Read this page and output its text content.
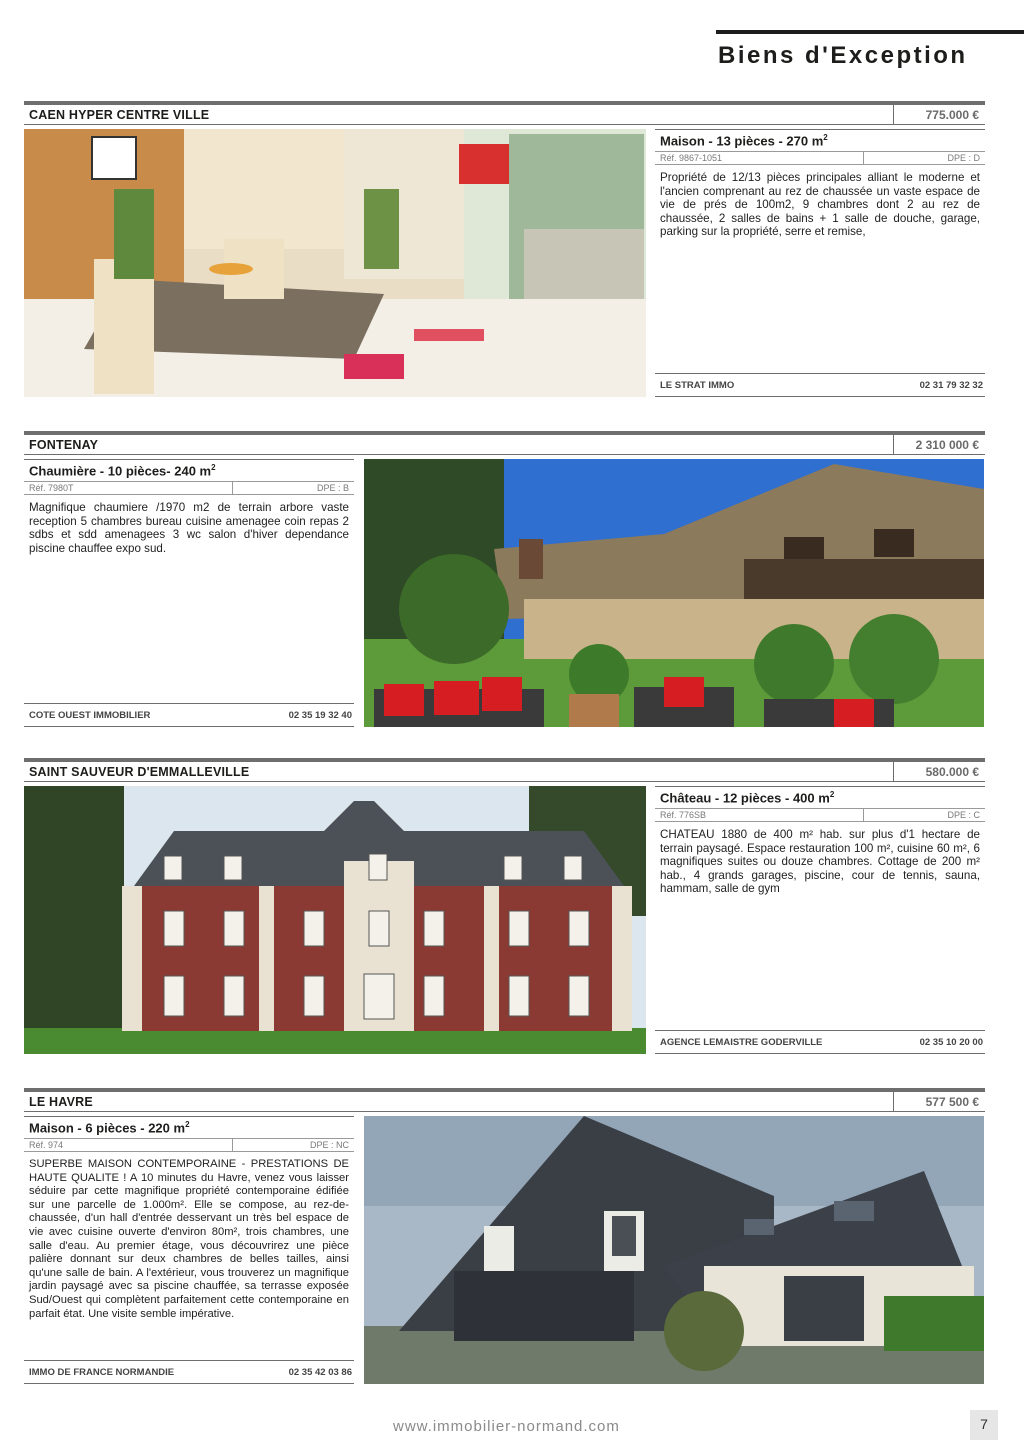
Biens d'Exception
CAEN HYPER CENTRE VILLE	775.000 €
Maison - 13 pièces - 270 $m^2$
Réf. 9867-1051	DPE : D
Propriété de 12/13 pièces principales alliant le moderne et l'ancien comprenant au rez de chaussée un vaste espace de vie de prés de 100m2, 9 chambres dont 2 au rez de chaussée, 2 salles de bains + 1 salle de douche, garage, parking sur la propriété, serre et remise,
LE STRAT IMMO	02 31 79 32 32
FONTENAY	2 310 000 €
Chaumière - 10 pièces- 240 $m^2$
Réf. 7980T	DPE : B
Magnifique chaumiere /1970 m2 de terrain arbore vaste reception 5 chambres bureau cuisine amenagee coin repas 2 sdbs et sdd amenagees 3 wc salon d'hiver dependance piscine chauffee expo sud.
COTE OUEST IMMOBILIER	02 35 19 32 40
SAINT SAUVEUR D'EMMALLEVILLE	580.000 €
Château - 12 pièces - 400 $m^2$
Réf. 776SB	DPE : C
CHATEAU 1880 de 400 m² hab. sur plus d'1 hectare de terrain paysagé. Espace restauration 100 m², cuisine 60 m², 6 magnifiques suites ou douze chambres. Cottage de 200 m² hab., 4 grands garages, piscine, cour de tennis, sauna, hammam, salle de gym
AGENCE LEMAISTRE GODERVILLE	02 35 10 20 00
LE HAVRE	577 500 €
Maison - 6 pièces - 220 $m^2$
Réf. 974	DPE : NC
SUPERBE MAISON CONTEMPORAINE - PRESTATIONS DE HAUTE QUALITE ! A 10 minutes du Havre, venez vous laisser séduire par cette magnifique propriété contemporaine édifiée sur une parcelle de 1.000m². Elle se compose, au rez-de-chaussée, d'un hall d'entrée desservant un très bel espace de vie avec cuisine ouverte d'environ 80m², trois chambres, une salle d'eau. Au premier étage, vous découvrirez une pièce palière donnant sur deux chambres de belles tailles, ainsi qu'une salle de bain. A l'extérieur, vous trouverez un magnifique jardin paysagé avec sa piscine chauffée, sa terrasse exposée Sud/Ouest qui complètent parfaitement cette contemporaine en parfait état. Une visite semble impérative.
IMMO DE FRANCE NORMANDIE	02 35 42 03 86
www.immobilier-normand.com	7
